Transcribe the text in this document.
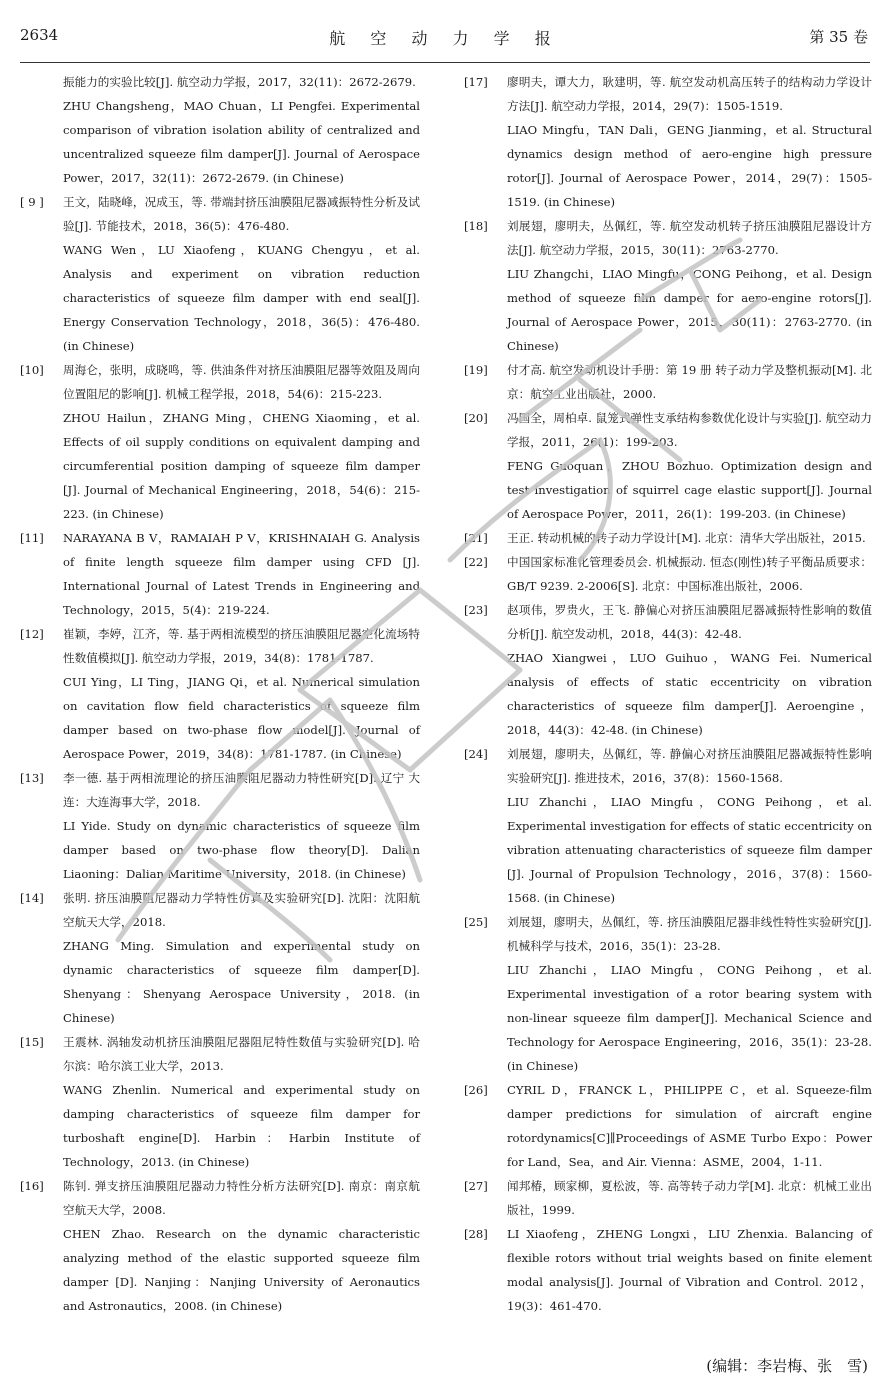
2634	航 空 动 力 学 报	第 35 卷
振能力的实验比较[J]. 航空动力学报，2017，32(11)：2672-2679.
ZHU Changsheng，MAO Chuan，LI Pengfei. Experimental comparison of vibration isolation ability of centralized and uncentralized squeeze film damper[J]. Journal of Aerospace Power，2017，32(11)：2672-2679. (in Chinese)
[ 9 ] 王文，陆晓峰，况成玉，等. 带端封挤压油膜阻尼器减振特性分析及试验[J]. 节能技术，2018，36(5)：476-480.
WANG Wen，LU Xiaofeng，KUANG Chengyu，et al. Analysis and experiment on vibration reduction characteristics of squeeze film damper with end seal[J]. Energy Conservation Technology，2018，36(5)：476-480. (in Chinese)
[10] 周海仑，张明，成晓鸣，等. 供油条件对挤压油膜阻尼器等效阻及周向位置阻尼的影响[J]. 机械工程学报，2018，54(6)：215-223.
ZHOU Hailun，ZHANG Ming，CHENG Xiaoming，et al. Effects of oil supply conditions on equivalent damping and circumferential position damping of squeeze film damper [J]. Journal of Mechanical Engineering，2018，54(6)：215-223. (in Chinese)
[11] NARAYANA B V，RAMAIAH P V，KRISHNAIAH G. Analysis of finite length squeeze film damper using CFD [J]. International Journal of Latest Trends in Engineering and Technology，2015，5(4)：219-224.
[12] 崔颖，李婷，江齐，等. 基于两相流模型的挤压油膜阻尼器空化流场特性数值模拟[J]. 航空动力学报，2019，34(8)：1781-1787.
CUI Ying，LI Ting，JIANG Qi，et al. Numerical simulation on cavitation flow field characteristics of squeeze film damper based on two-phase flow model[J]. Journal of Aerospace Power，2019，34(8)：1781-1787. (in Chinese)
[13] 李一德. 基于两相流理论的挤压油膜阻尼器动力特性研究[D]. 辽宁 大连：大连海事大学，2018.
LI Yide. Study on dynamic characteristics of squeeze film damper based on two-phase flow theory[D]. Dalian Liaoning：Dalian Maritime University，2018. (in Chinese)
[14] 张明. 挤压油膜阻尼器动力学特性仿真及实验研究[D]. 沈阳：沈阳航空航天大学，2018.
ZHANG Ming. Simulation and experimental study on dynamic characteristics of squeeze film damper[D]. Shenyang：Shenyang Aerospace University，2018. (in Chinese)
[15] 王震林. 涡轴发动机挤压油膜阻尼器阻尼特性数值与实验研究[D]. 哈尔滨：哈尔滨工业大学，2013.
WANG Zhenlin. Numerical and experimental study on damping characteristics of squeeze film damper for turboshaft engine[D]. Harbin：Harbin Institute of Technology，2013. (in Chinese)
[16] 陈钊. 弹支挤压油膜阻尼器动力特性分析方法研究[D]. 南京：南京航空航天大学，2008.
CHEN Zhao. Research on the dynamic characteristic analyzing method of the elastic supported squeeze film damper [D]. Nanjing：Nanjing University of Aeronautics and Astronautics，2008. (in Chinese)
[17] 廖明夫，谭大力，耿建明，等. 航空发动机高压转子的结构动力学设计方法[J]. 航空动力学报，2014，29(7)：1505-1519.
LIAO Mingfu，TAN Dali，GENG Jianming，et al. Structural dynamics design method of aero-engine high pressure rotor[J]. Journal of Aerospace Power，2014，29(7)：1505-1519. (in Chinese)
[18] 刘展翅，廖明夫，丛佩红，等. 航空发动机转子挤压油膜阻尼器设计方法[J]. 航空动力学报，2015，30(11)：2763-2770.
LIU Zhangchi，LIAO Mingfu，CONG Peihong，et al. Design method of squeeze film damper for aero-engine rotors[J]. Journal of Aerospace Power，2015，30(11)：2763-2770. (in Chinese)
[19] 付才高. 航空发动机设计手册：第 19 册 转子动力学及整机振动[M]. 北京：航空工业出版社，2000.
[20] 冯国全，周柏卓. 鼠笼式弹性支承结构参数优化设计与实验[J]. 航空动力学报，2011，26(1)：199-203.
FENG Guoquan，ZHOU Bozhuo. Optimization design and test investigation of squirrel cage elastic support[J]. Journal of Aerospace Power，2011，26(1)：199-203. (in Chinese)
[21] 王正. 转动机械的转子动力学设计[M]. 北京：清华大学出版社，2015.
[22] 中国国家标准化管理委员会. 机械振动. 恒态(刚性)转子平衡品质要求：GB/T 9239. 2-2006[S]. 北京：中国标准出版社，2006.
[23] 赵项伟，罗贵火，王飞. 静偏心对挤压油膜阻尼器减振特性影响的数值分析[J]. 航空发动机，2018，44(3)：42-48.
ZHAO Xiangwei，LUO Guihuo，WANG Fei. Numerical analysis of effects of static eccentricity on vibration characteristics of squeeze film damper[J]. Aeroengine，2018，44(3)：42-48. (in Chinese)
[24] 刘展翅，廖明夫，丛佩红，等. 静偏心对挤压油膜阻尼器减振特性影响实验研究[J]. 推进技术，2016，37(8)：1560-1568.
LIU Zhanchi，LIAO Mingfu，CONG Peihong，et al. Experimental investigation for effects of static eccentricity on vibration attenuating characteristics of squeeze film damper [J]. Journal of Propulsion Technology，2016，37(8)：1560-1568. (in Chinese)
[25] 刘展翅，廖明夫，丛佩红，等. 挤压油膜阻尼器非线性特性实验研究[J]. 机械科学与技术，2016，35(1)：23-28.
LIU Zhanchi，LIAO Mingfu，CONG Peihong，et al. Experimental investigation of a rotor bearing system with non-linear squeeze film damper[J]. Mechanical Science and Technology for Aerospace Engineering，2016，35(1)：23-28. (in Chinese)
[26] CYRIL D，FRANCK L，PHILIPPE C，et al. Squeeze-film damper predictions for simulation of aircraft engine rotordynamics[C]∥Proceedings of ASME Turbo Expo：Power for Land，Sea，and Air. Vienna：ASME，2004，1-11.
[27] 闻邦椿，顾家柳，夏松波，等. 高等转子动力学[M]. 北京：机械工业出版社，1999.
[28] LI Xiaofeng，ZHENG Longxi，LIU Zhenxia. Balancing of flexible rotors without trial weights based on finite element modal analysis[J]. Journal of Vibration and Control. 2012，19(3)：461-470.
(编辑：李岩梅、张　雪)
